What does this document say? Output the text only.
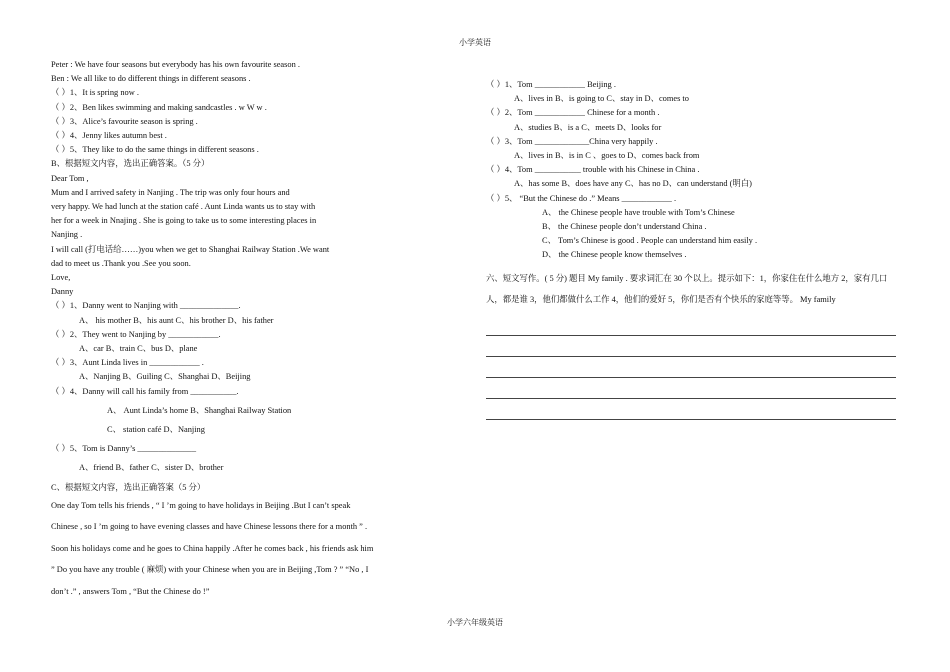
小学英语
Peter : We have four seasons but everybody has his own favourite season .
Ben : We all like to do different things in different seasons .
（ ）1、It is spring now .
（ ）2、Ben likes swimming and making sandcastles . w W w .
（ ）3、Alice’s favourite season is spring .
（ ）4、Jenny likes autumn best .
（ ）5、They like to do the same things in different seasons .
B、根据短文内容，选出正确答案。（5 分）
Dear Tom ,
Mum and I arrived safety in Nanjing . The trip was only four hours and
very happy. We had lunch at the station café . Aunt Linda wants us to stay with
her for a week in Nnajing . She is going to take us to some interesting places in
Nanjing .
I will call (打电话给……)you when we get to Shanghai Railway Station .We want
dad to meet us .Thank you .See you soon.
Love,
Danny
（ ）1、Danny went to Nanjing with ______________.
A、 his mother B、his aunt C、his brother D、his father
（ ）2、They went to Nanjing by ____________.
A、car B、train C、bus D、plane
（ ）3、Aunt Linda lives in ____________ .
A、Nanjing B、Guiling C、Shanghai D、Beijing
（ ）4、Danny will call his family from ___________.
A、 Aunt Linda’s home B、Shanghai Railway Station
C、 station café D、Nanjing
（ ）5、Tom is Danny’s ______________
A、friend B、father C、sister D、brother
C、根据短文内容，选出正确答案（5 分）
One day Tom tells his friends , “ I ’m going to have holidays in Beijing .But I can’t speak
Chinese , so I ’m going to have evening classes and have Chinese lessons there for a month ” .
Soon his holidays come and he goes to China happily .After he comes back , his friends ask him
” Do you have any trouble ( 麻烦) with your Chinese when you are in Beijing ,Tom ? ” “No , I
don’t .” , answers Tom , “But the Chinese do !”
（ ）1、Tom ____________ Beijing .
A、lives in B、is going to C、stay in D、comes to
（ ）2、Tom ____________ Chinese for a month .
A、studies B、is a C、meets D、looks for
（ ）3、Tom _____________China very happily .
A、lives in B、is in C 、goes to D、comes back from
（ ）4、Tom ___________ trouble with his Chinese in China .
A、has some B、does have any C、has no D、can understand (明白)
（ ）5、 “But the Chinese do .” Means ____________ .
A、 the Chinese people have trouble with Tom’s Chinese
B、 the Chinese people don’t understand China .
C、 Tom’s Chinese is good . People can understand him easily .
D、 the Chinese people know themselves .
六、短文写作。( 5 分) 题目 My family . 要求词汇在 30 个以上。提示如下：1，你家住在什么地方 2，家有几口人，都是谁 3，他们都做什么工作 4，他们的爱好 5，你们是否有个快乐的家庭等等。 My family
小学六年级英语
